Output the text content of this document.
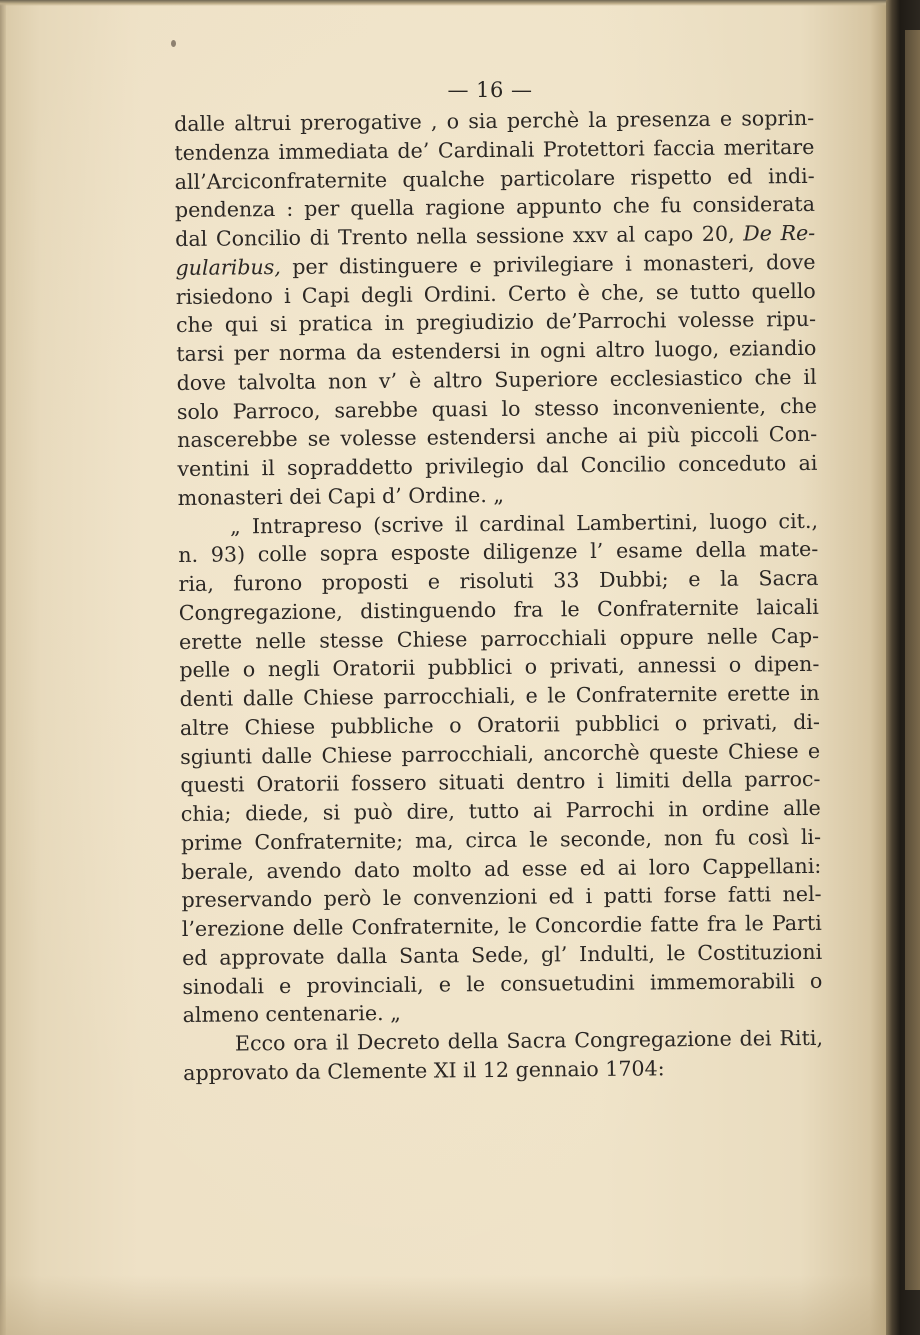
— 16 —
dalle altrui prerogative , o sia perchè la presenza e soprin-
tendenza immediata de’ Cardinali Protettori faccia meritare
all’Arciconfraternite qualche particolare rispetto ed indi-
pendenza : per quella ragione appunto che fu considerata
dal Concilio di Trento nella sessione xxv al capo 20, De Re-
gularibus, per distinguere e privilegiare i monasteri, dove
risiedono i Capi degli Ordini. Certo è che, se tutto quello
che qui si pratica in pregiudizio de’Parrochi volesse ripu-
tarsi per norma da estendersi in ogni altro luogo, eziandio
dove talvolta non v’ è altro Superiore ecclesiastico che il
solo Parroco, sarebbe quasi lo stesso inconveniente, che
nascerebbe se volesse estendersi anche ai più piccoli Con-
ventini il sopraddetto privilegio dal Concilio conceduto ai
monasteri dei Capi d’ Ordine. „
„ Intrapreso (scrive il cardinal Lambertini, luogo cit.,
n. 93) colle sopra esposte diligenze l’ esame della mate-
ria, furono proposti e risoluti 33 Dubbi; e la Sacra
Congregazione, distinguendo fra le Confraternite laicali
erette nelle stesse Chiese parrocchiali oppure nelle Cap-
pelle o negli Oratorii pubblici o privati, annessi o dipen-
denti dalle Chiese parrocchiali, e le Confraternite erette in
altre Chiese pubbliche o Oratorii pubblici o privati, di-
sgiunti dalle Chiese parrocchiali, ancorchè queste Chiese e
questi Oratorii fossero situati dentro i limiti della parroc-
chia; diede, si può dire, tutto ai Parrochi in ordine alle
prime Confraternite; ma, circa le seconde, non fu così li-
berale, avendo dato molto ad esse ed ai loro Cappellani:
preservando però le convenzioni ed i patti forse fatti nel-
l’erezione delle Confraternite, le Concordie fatte fra le Parti
ed approvate dalla Santa Sede, gl’ Indulti, le Costituzioni
sinodali e provinciali, e le consuetudini immemorabili o
almeno centenarie. „
Ecco ora il Decreto della Sacra Congregazione dei Riti,
approvato da Clemente XI il 12 gennaio 1704:
